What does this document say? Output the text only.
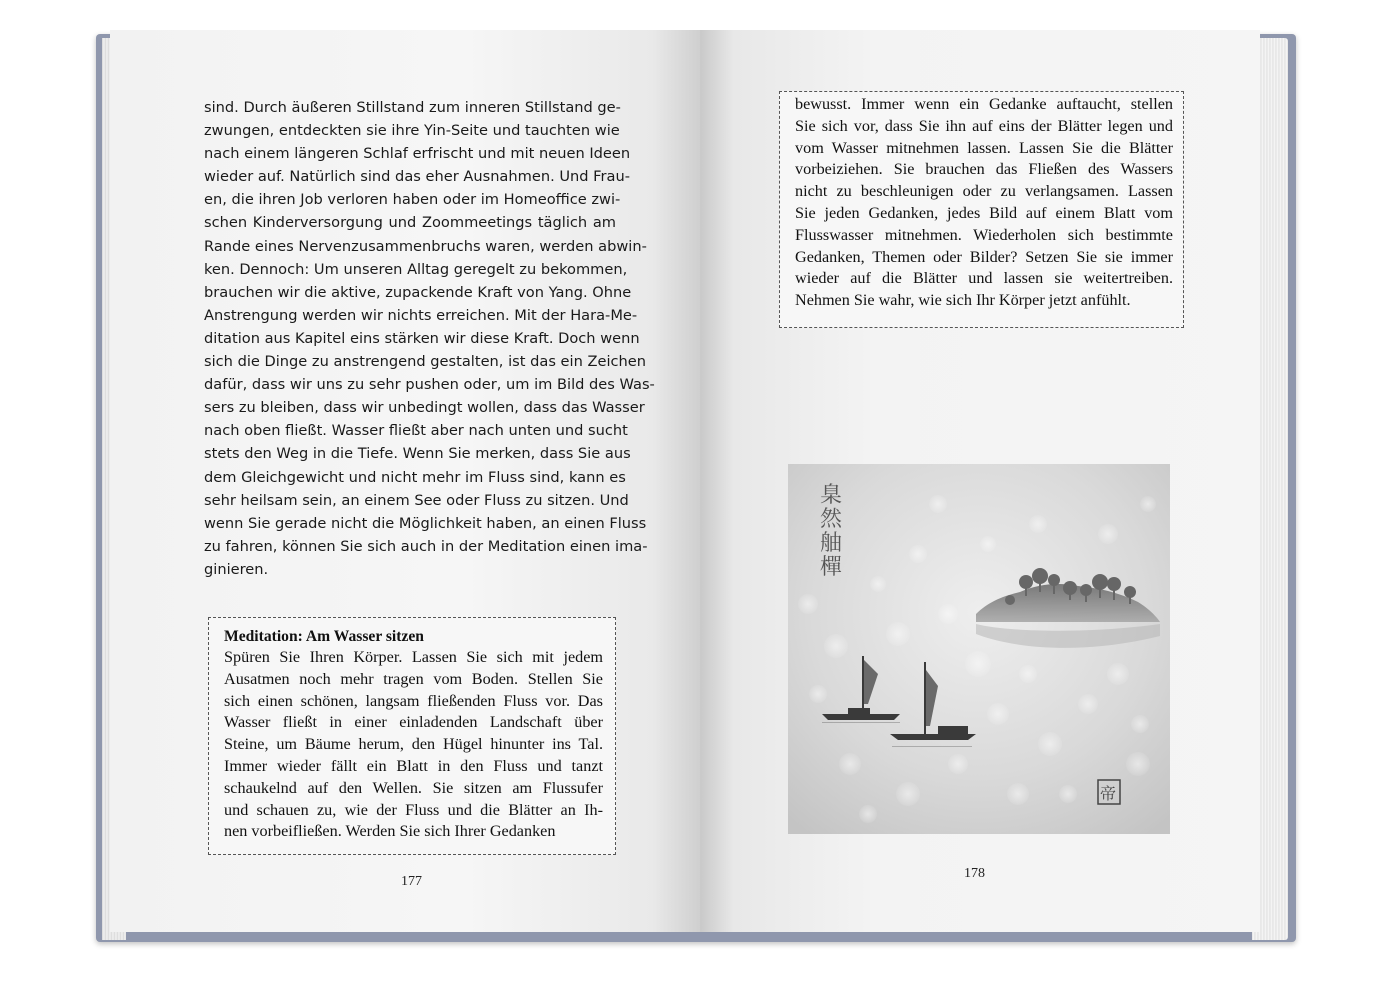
sind. Durch äußeren Stillstand zum inneren Stillstand ge-
zwungen, entdeckten sie ihre Yin-Seite und tauchten wie
nach einem längeren Schlaf erfrischt und mit neuen Ideen
wieder auf. Natürlich sind das eher Ausnahmen. Und Frau-
en, die ihren Job verloren haben oder im Homeoffice zwi-
schen Kinderversorgung und Zoommeetings täglich am
Rande eines Nervenzusammenbruchs waren, werden abwin-
ken. Dennoch: Um unseren Alltag geregelt zu bekommen,
brauchen wir die aktive, zupackende Kraft von Yang. Ohne
Anstrengung werden wir nichts erreichen. Mit der Hara-Me-
ditation aus Kapitel eins stärken wir diese Kraft. Doch wenn
sich die Dinge zu anstrengend gestalten, ist das ein Zeichen
dafür, dass wir uns zu sehr pushen oder, um im Bild des Was-
sers zu bleiben, dass wir unbedingt wollen, dass das Wasser
nach oben fließt. Wasser fließt aber nach unten und sucht
stets den Weg in die Tiefe. Wenn Sie merken, dass Sie aus
dem Gleichgewicht und nicht mehr im Fluss sind, kann es
sehr heilsam sein, an einem See oder Fluss zu sitzen. Und
wenn Sie gerade nicht die Möglichkeit haben, an einen Fluss
zu fahren, können Sie sich auch in der Meditation einen ima-
ginieren.
Meditation: Am Wasser sitzen
Spüren Sie Ihren Körper. Lassen Sie sich mit jedem
Ausatmen noch mehr tragen vom Boden. Stellen Sie
sich einen schönen, langsam fließenden Fluss vor. Das
Wasser fließt in einer einladenden Landschaft über
Steine, um Bäume herum, den Hügel hinunter ins Tal.
Immer wieder fällt ein Blatt in den Fluss und tanzt
schaukelnd auf den Wellen. Sie sitzen am Flussufer
und schauen zu, wie der Fluss und die Blätter an Ih-
nen vorbeifließen. Werden Sie sich Ihrer Gedanken
177
bewusst. Immer wenn ein Gedanke auftaucht, stellen
Sie sich vor, dass Sie ihn auf eins der Blätter legen und
vom Wasser mitnehmen lassen. Lassen Sie die Blätter
vorbeiziehen. Sie brauchen das Fließen des Wassers
nicht zu beschleunigen oder zu verlangsamen. Lassen
Sie jeden Gedanken, jedes Bild auf einem Blatt vom
Flusswasser mitnehmen. Wiederholen sich bestimmte
Gedanken, Themen oder Bilder? Setzen Sie sie immer
wieder auf die Blätter und lassen sie weitertreiben.
Nehmen Sie wahr, wie sich Ihr Körper jetzt anfühlt.
臬
然
舳
樿
帝
178
